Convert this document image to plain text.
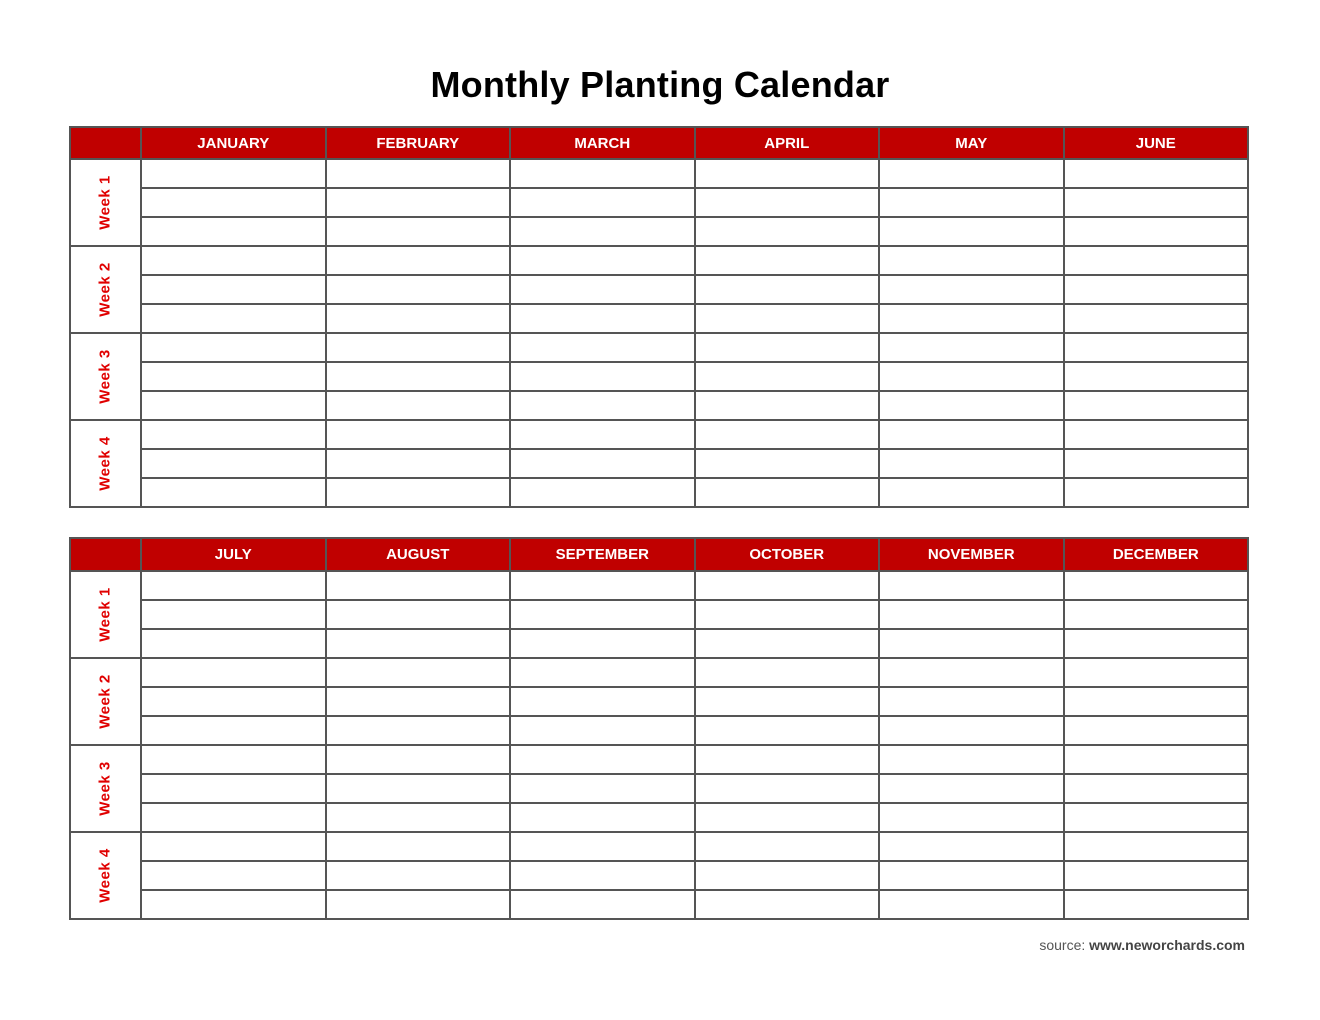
Monthly Planting Calendar
	JANUARY	FEBRUARY	MARCH	APRIL	MAY	JUNE
Week 1						

Week 2						

Week 3						

Week 4						

	JULY	AUGUST	SEPTEMBER	OCTOBER	NOVEMBER	DECEMBER
Week 1						

Week 2						

Week 3						

Week 4						

source: www.neworchards.com
